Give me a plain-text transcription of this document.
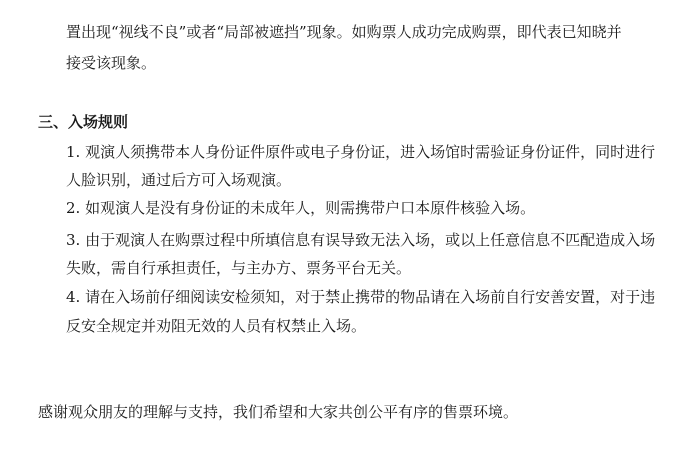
置出现“视线不良”或者“局部被遮挡”现象。如购票人成功完成购票，即代表已知晓并
接受该现象。
三、入场规则
1. 观演人须携带本人身份证件原件或电子身份证，进入场馆时需验证身份证件，同时进行
人脸识别，通过后方可入场观演。
2. 如观演人是没有身份证的未成年人，则需携带户口本原件核验入场。
3. 由于观演人在购票过程中所填信息有误导致无法入场，或以上任意信息不匹配造成入场
失败，需自行承担责任，与主办方、票务平台无关。
4. 请在入场前仔细阅读安检须知，对于禁止携带的物品请在入场前自行安善安置，对于违
反安全规定并劝阻无效的人员有权禁止入场。
感谢观众朋友的理解与支持，我们希望和大家共创公平有序的售票环境。
